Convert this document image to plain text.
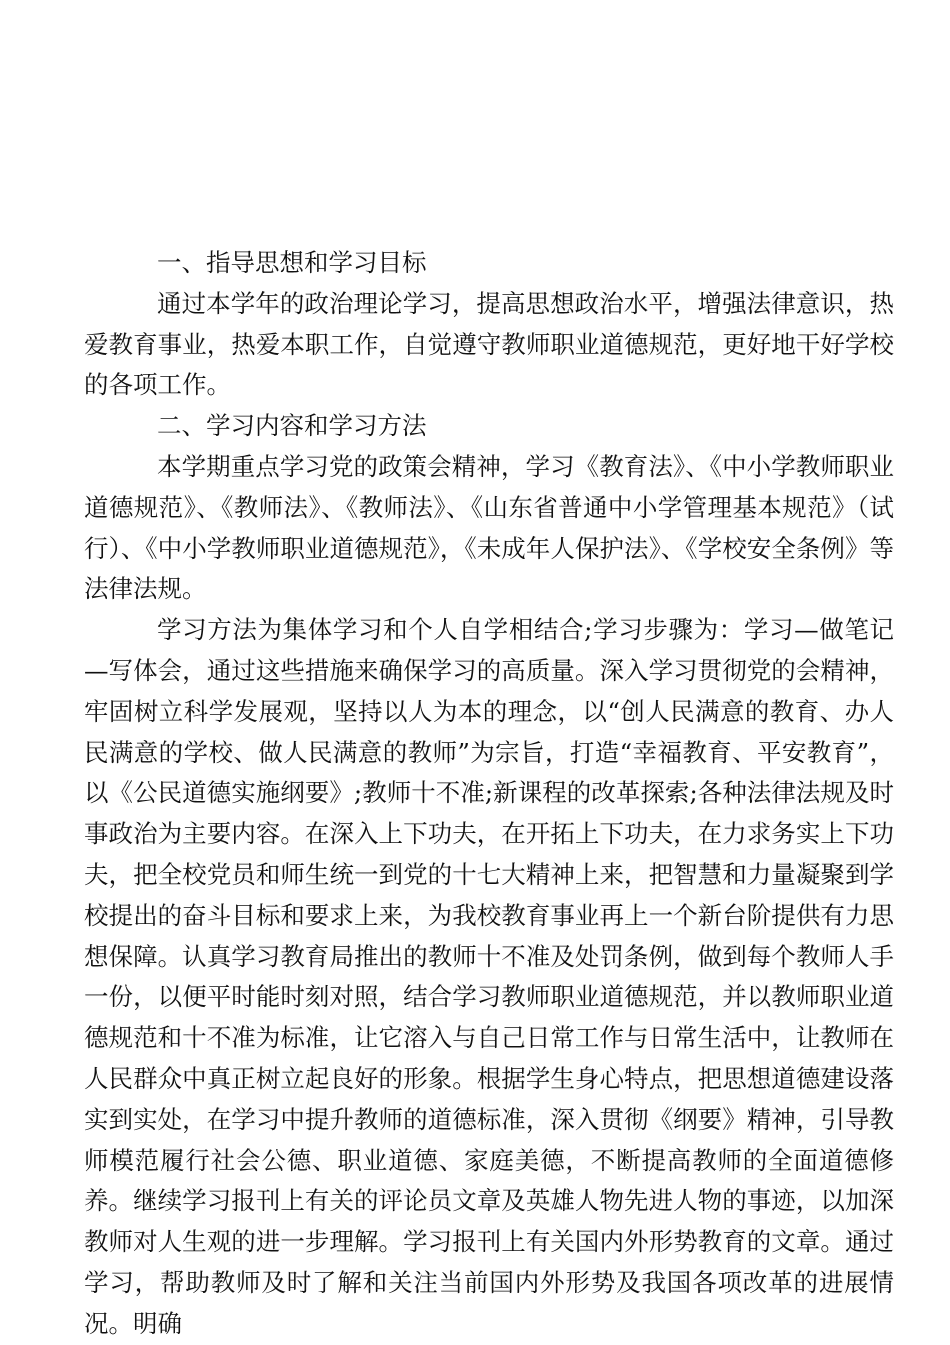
一、指导思想和学习目标

通过本学年的政治理论学习，提高思想政治水平，增强法律意识，热爱教育事业，热爱本职工作，自觉遵守教师职业道德规范，更好地干好学校的各项工作。

二、学习内容和学习方法

本学期重点学习党的政策会精神，学习《教育法》、《中小学教师职业道德规范》、《教师法》、《教师法》、《山东省普通中小学管理基本规范》（试行）、《中小学教师职业道德规范》，《未成年人保护法》、《学校安全条例》等法律法规。

学习方法为集体学习和个人自学相结合;学习步骤为：学习—做笔记—写体会，通过这些措施来确保学习的高质量。深入学习贯彻党的会精神，牢固树立科学发展观，坚持以人为本的理念，以“创人民满意的教育、办人民满意的学校、做人民满意的教师”为宗旨，打造“幸福教育、平安教育”，以《公民道德实施纲要》;教师十不准;新课程的改革探索;各种法律法规及时事政治为主要内容。在深入上下功夫，在开拓上下功夫，在力求务实上下功夫，把全校党员和师生统一到党的十七大精神上来，把智慧和力量凝聚到学校提出的奋斗目标和要求上来，为我校教育事业再上一个新台阶提供有力思想保障。认真学习教育局推出的教师十不准及处罚条例，做到每个教师人手一份，以便平时能时刻对照，结合学习教师职业道德规范，并以教师职业道德规范和十不准为标准，让它溶入与自己日常工作与日常生活中，让教师在人民群众中真正树立起良好的形象。根据学生身心特点，把思想道德建设落实到实处，在学习中提升教师的道德标准，深入贯彻《纲要》精神，引导教师模范履行社会公德、职业道德、家庭美德，不断提高教师的全面道德修养。继续学习报刊上有关的评论员文章及英雄人物先进人物的事迹，以加深教师对人生观的进一步理解。学习报刊上有关国内外形势教育的文章。通过学习，帮助教师及时了解和关注当前国内外形势及我国各项改革的进展情况。明确
